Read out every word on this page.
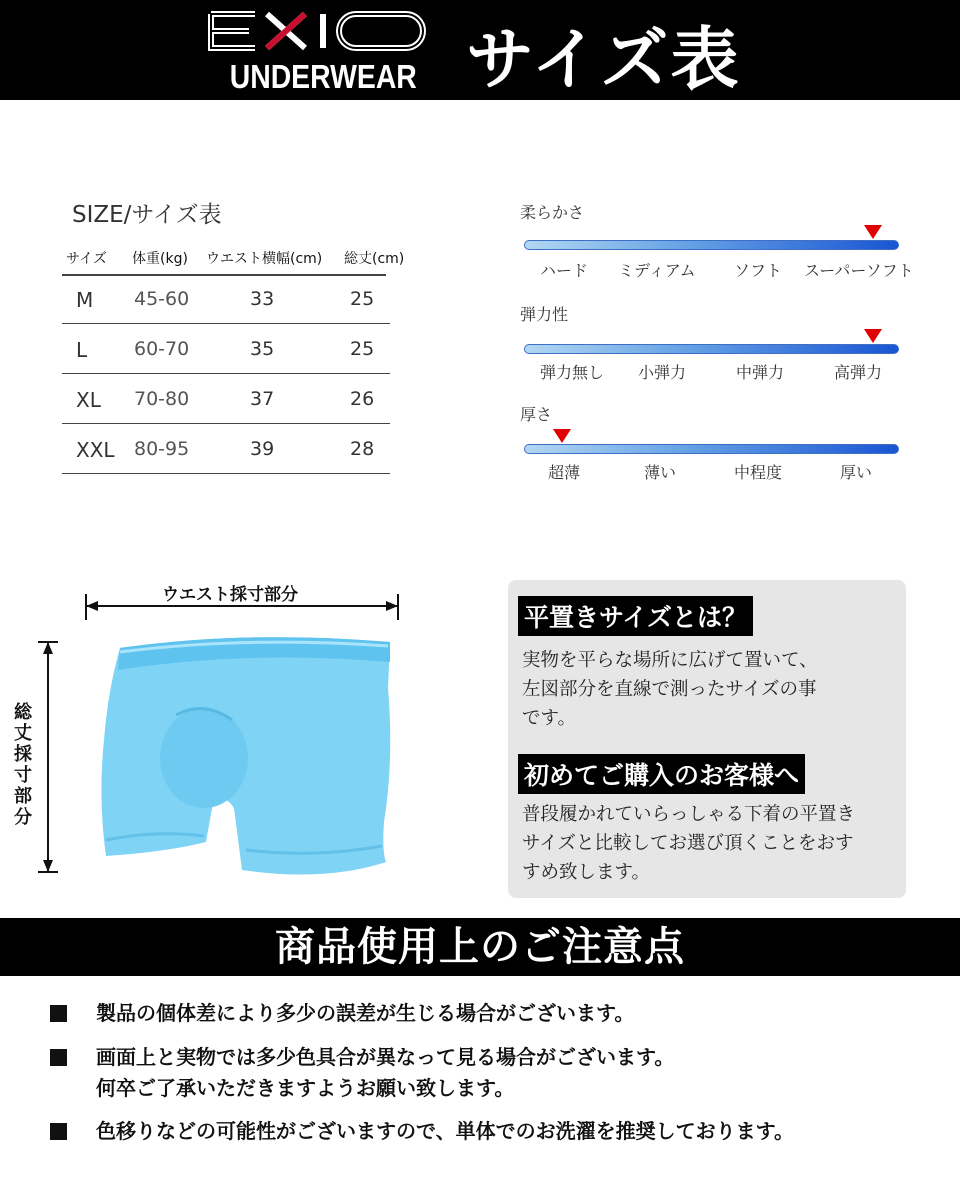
UNDERWEAR サイズ表
SIZE/サイズ表
サイズ 体重(kg) ウエスト横幅(cm) 総丈(cm)
M 45-60	33	25
L 60-70	35	25
XL 70-80	37	26
XXL 80-95	39	28
柔らかさ
ハード ミディアム ソフト スーパーソフト
弾力性
弾力無し 小弾力	中弾力	高弾力
厚さ
超薄	薄い	中程度	厚い
ウエスト採寸部分
総丈採寸部分
平置きサイズとは？
実物を平らな場所に広げて置いて、
左図部分を直線で測ったサイズの事
です。
初めてご購入のお客様へ
普段履かれていらっしゃる下着の平置き
サイズと比較してお選び頂くことをおす
すめ致します。
商品使用上のご注意点
製品の個体差により多少の誤差が生じる場合がございます。
画面上と実物では多少色具合が異なって見る場合がございます。
何卒ご了承いただきますようお願い致します。
色移りなどの可能性がございますので、単体でのお洗濯を推奨しております。
